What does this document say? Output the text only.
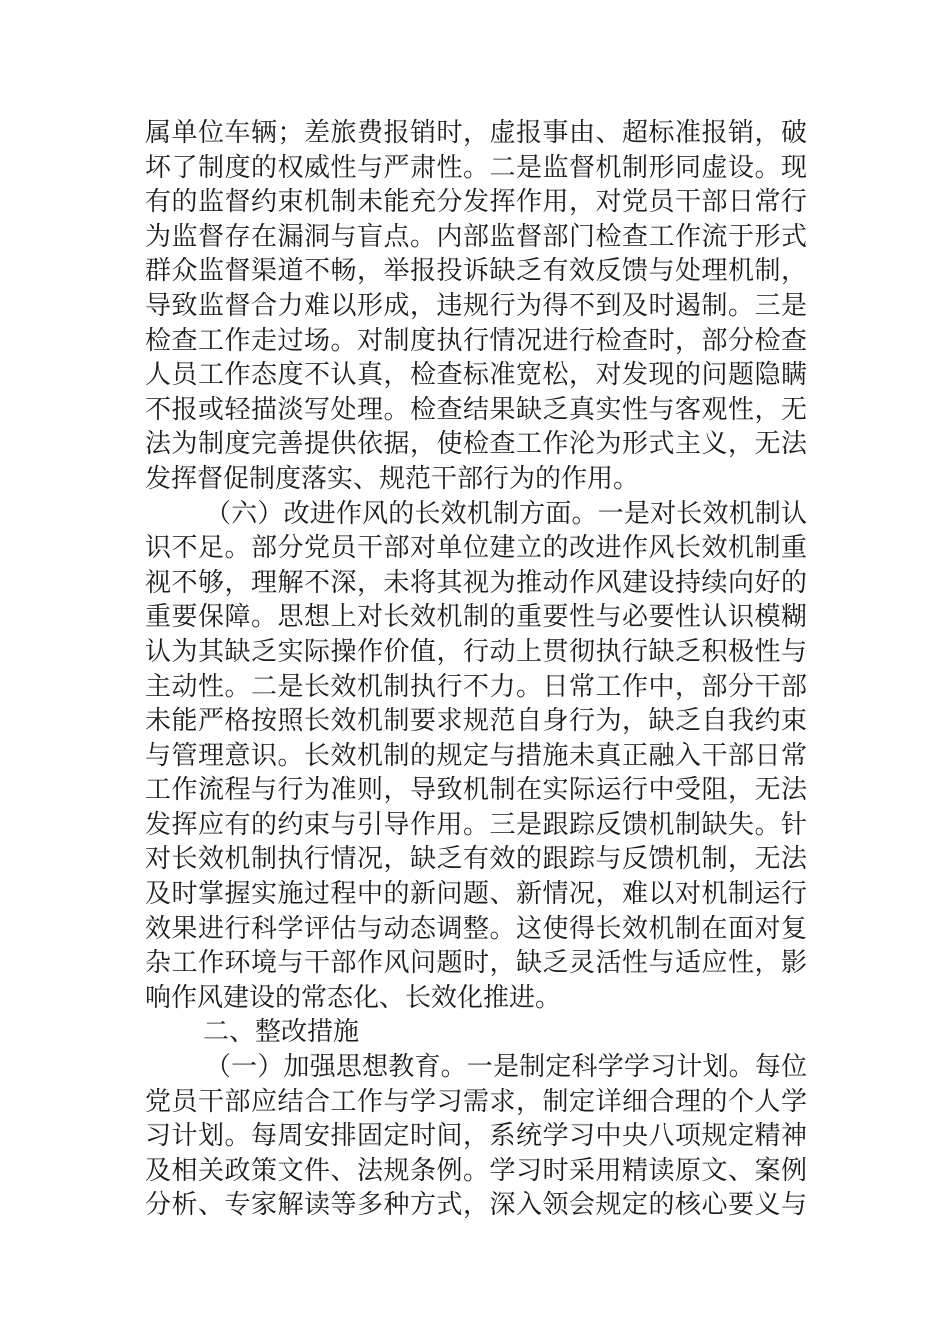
属单位车辆；差旅费报销时，虚报事由、超标准报销，破
坏了制度的权威性与严肃性。二是监督机制形同虚设。现
有的监督约束机制未能充分发挥作用，对党员干部日常行
为监督存在漏洞与盲点。内部监督部门检查工作流于形式
群众监督渠道不畅，举报投诉缺乏有效反馈与处理机制，
导致监督合力难以形成，违规行为得不到及时遏制。三是
检查工作走过场。对制度执行情况进行检查时，部分检查
人员工作态度不认真，检查标准宽松，对发现的问题隐瞒
不报或轻描淡写处理。检查结果缺乏真实性与客观性，无
法为制度完善提供依据，使检查工作沦为形式主义，无法
发挥督促制度落实、规范干部行为的作用。
（六）改进作风的长效机制方面。一是对长效机制认
识不足。部分党员干部对单位建立的改进作风长效机制重
视不够，理解不深，未将其视为推动作风建设持续向好的
重要保障。思想上对长效机制的重要性与必要性认识模糊
认为其缺乏实际操作价值，行动上贯彻执行缺乏积极性与
主动性。二是长效机制执行不力。日常工作中，部分干部
未能严格按照长效机制要求规范自身行为，缺乏自我约束
与管理意识。长效机制的规定与措施未真正融入干部日常
工作流程与行为准则，导致机制在实际运行中受阻，无法
发挥应有的约束与引导作用。三是跟踪反馈机制缺失。针
对长效机制执行情况，缺乏有效的跟踪与反馈机制，无法
及时掌握实施过程中的新问题、新情况，难以对机制运行
效果进行科学评估与动态调整。这使得长效机制在面对复
杂工作环境与干部作风问题时，缺乏灵活性与适应性，影
响作风建设的常态化、长效化推进。
二、整改措施
（一）加强思想教育。一是制定科学学习计划。每位
党员干部应结合工作与学习需求，制定详细合理的个人学
习计划。每周安排固定时间，系统学习中央八项规定精神
及相关政策文件、法规条例。学习时采用精读原文、案例
分析、专家解读等多种方式，深入领会规定的核心要义与
